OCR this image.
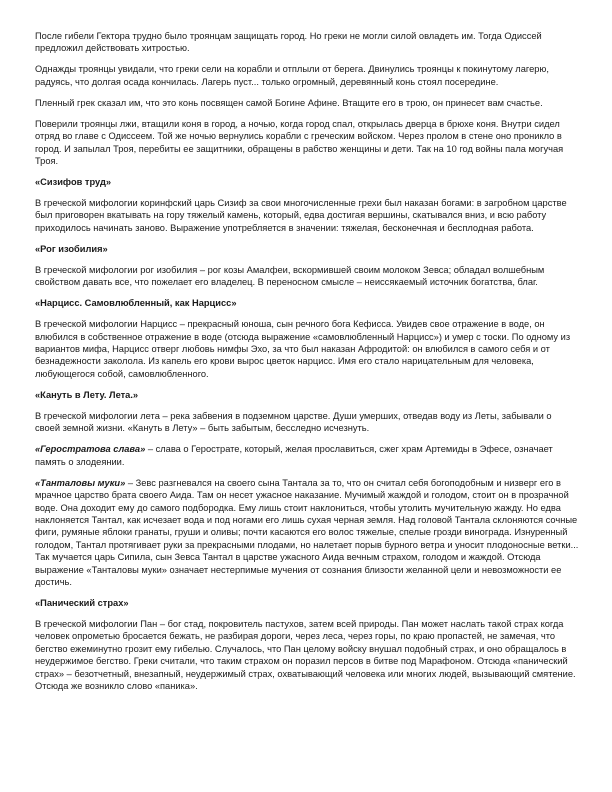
После гибели Гектора трудно было троянцам защищать город. Но греки не могли силой овладеть им. Тогда Одиссей предложил действовать хитростью.

Однажды троянцы увидали, что греки сели на корабли и отплыли от берега. Двинулись троянцы к покинутому лагерю, радуясь, что долгая осада кончилась. Лагерь пуст... только огромный, деревянный конь стоял посередине.

Пленный грек сказал им, что это конь посвящен самой Богине Афине. Втащите его в трою, он принесет вам счастье.

Поверили троянцы лжи, втащили коня в город, а ночью, когда город спал, открылась дверца в брюхе коня. Внутри сидел отряд во главе с Одиссеем. Той же ночью вернулись корабли с греческим войском. Через пролом в стене оно проникло в город. И запылал Троя, перебиты ее защитники, обращены в рабство женщины и дети. Так на 10 год войны пала могучая Троя.

«Сизифов труд»

В греческой мифологии коринфский царь Сизиф за свои многочисленные грехи был наказан богами: в загробном царстве был приговорен вкатывать на гору тяжелый камень, который, едва достигая вершины, скатывался вниз, и всю работу приходилось начинать заново. Выражение употребляется в значении: тяжелая, бесконечная и бесплодная работа.

«Рог изобилия»

В греческой мифологии рог изобилия – рог козы Амалфеи, вскормившей своим молоком Зевса; обладал волшебным свойством давать все, что пожелает его владелец. В переносном смысле – неиссякаемый источник богатства, благ.

«Нарцисс. Самовлюбленный, как Нарцисс»

В греческой мифологии Нарцисс – прекрасный юноша, сын речного бога Кефисса. Увидев свое отражение в воде, он влюбился в собственное отражение в воде (отсюда выражение «самовлюбленный Нарцисс») и умер с тоски. По одному из вариантов мифа, Нарцисс отверг любовь нимфы Эхо, за что был наказан Афродитой: он влюбился в самого себя и от безнадежности заколола. Из капель его крови вырос цветок нарцисс. Имя его стало нарицательным для человека, любующегося собой, самовлюбленного.

«Кануть в Лету. Лета.»

В греческой мифологии лета – река забвения в подземном царстве. Души умерших, отведав воду из Леты, забывали о своей земной жизни. «Кануть в Лету» – быть забытым, бесследно исчезнуть.

«Геростратова слава» – слава о Герострате, который, желая прославиться, сжег храм Артемиды в Эфесе, означает память о злодеянии.

«Танталовы муки» – Зевс разгневался на своего сына Тантала за то, что он считал себя богоподобным и низверг его в мрачное царство брата своего Аида. Там он несет ужасное наказание. Мучимый жаждой и голодом, стоит он в прозрачной воде. Она доходит ему до самого подбородка. Ему лишь стоит наклониться, чтобы утолить мучительную жажду. Но едва наклоняется Тантал, как исчезает вода и под ногами его лишь сухая черная земля. Над головой Тантала склоняются сочные фиги, румяные яблоки гранаты, груши и оливы; почти касаются его волос тяжелые, спелые грозди винограда. Изнуренный голодом, Тантал протягивает руки за прекрасными плодами, но налетает порыв бурного ветра и уносит плодоносные ветки... Так мучается царь Сипила, сын Зевса Тантал в царстве ужасного Аида вечным страхом, голодом и жаждой. Отсюда выражение «Танталовы муки» означает нестерпимые мучения от сознания близости желанной цели и невозможности ее достичь.

«Панический страх»

В греческой мифологии Пан – бог стад, покровитель пастухов, затем всей природы. Пан может наслать такой страх когда человек опрометью бросается бежать, не разбирая дороги, через леса, через горы, по краю пропастей, не замечая, что бегство ежеминутно грозит ему гибелью. Случалось, что Пан целому войску внушал подобный страх, и оно обращалось в неудержимое бегство. Греки считали, что таким страхом он поразил персов в битве под Марафоном. Отсюда «панический страх» – безотчетный, внезапный, неудержимый страх, охватывающий человека или многих людей, вызывающий смятение. Отсюда же возникло слово «паника».
